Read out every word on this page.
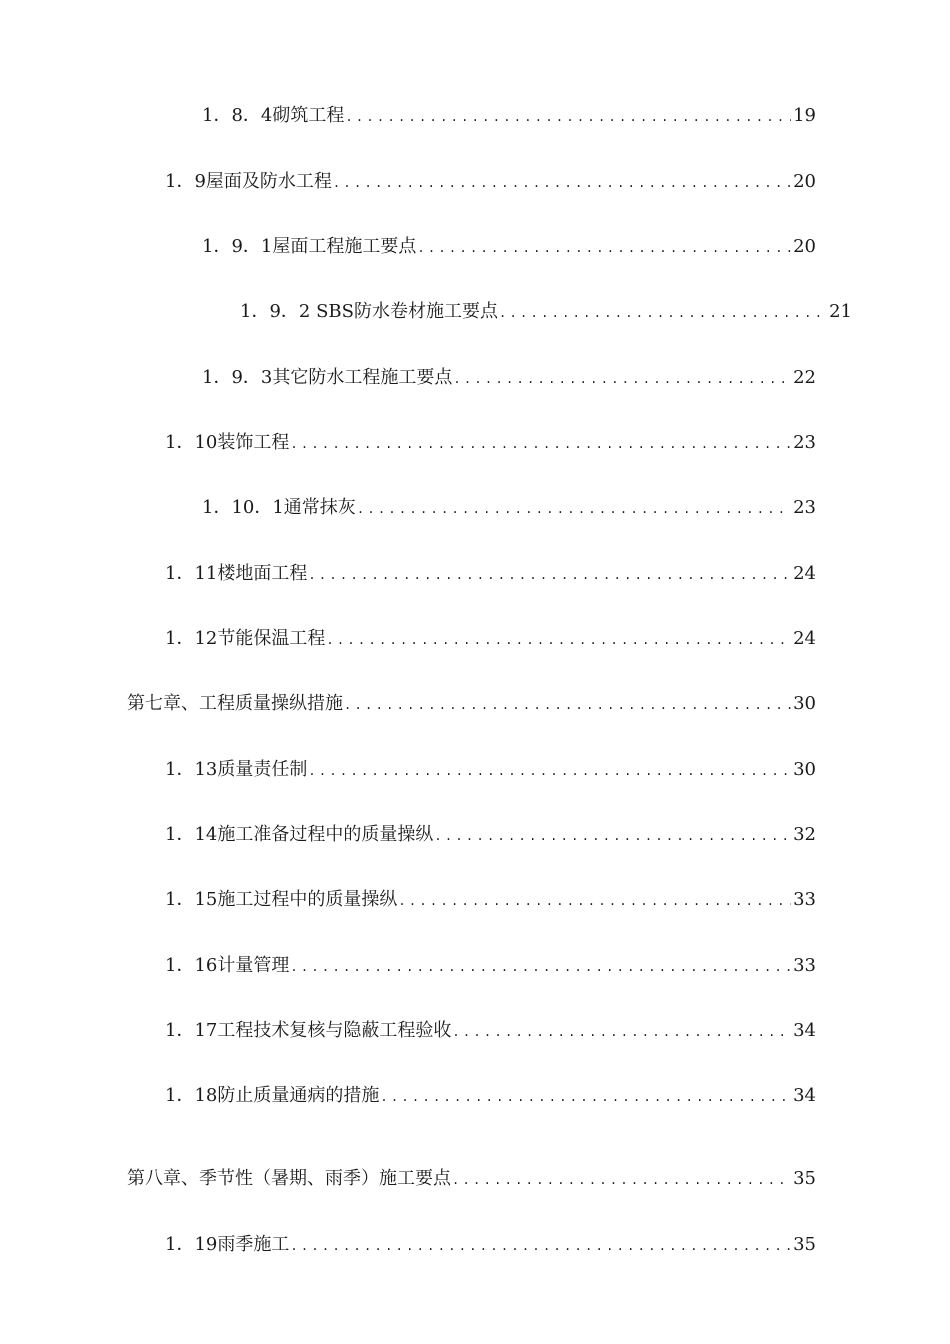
1．8．4砌筑工程 .....	19
1．9屋面及防水工程 .....	20
1．9．1屋面工程施工要点 .....	20
1．9．2 SBS防水卷材施工要点 .....	21
1．9．3其它防水工程施工要点 .....	22
1．10装饰工程 .....	23
1．10．1通常抹灰 .....	23
1．11楼地面工程 .....	24
1．12节能保温工程 .....	24
第七章、工程质量操纵措施 .....	30
1．13质量责任制 .....	30
1．14施工准备过程中的质量操纵 .....	32
1．15施工过程中的质量操纵 .....	33
1．16计量管理 .....	33
1．17工程技术复核与隐蔽工程验收 .....	34
1．18防止质量通病的措施 .....	34
第八章、季节性（暑期、雨季）施工要点 .....	35
1．19雨季施工 .....	35
